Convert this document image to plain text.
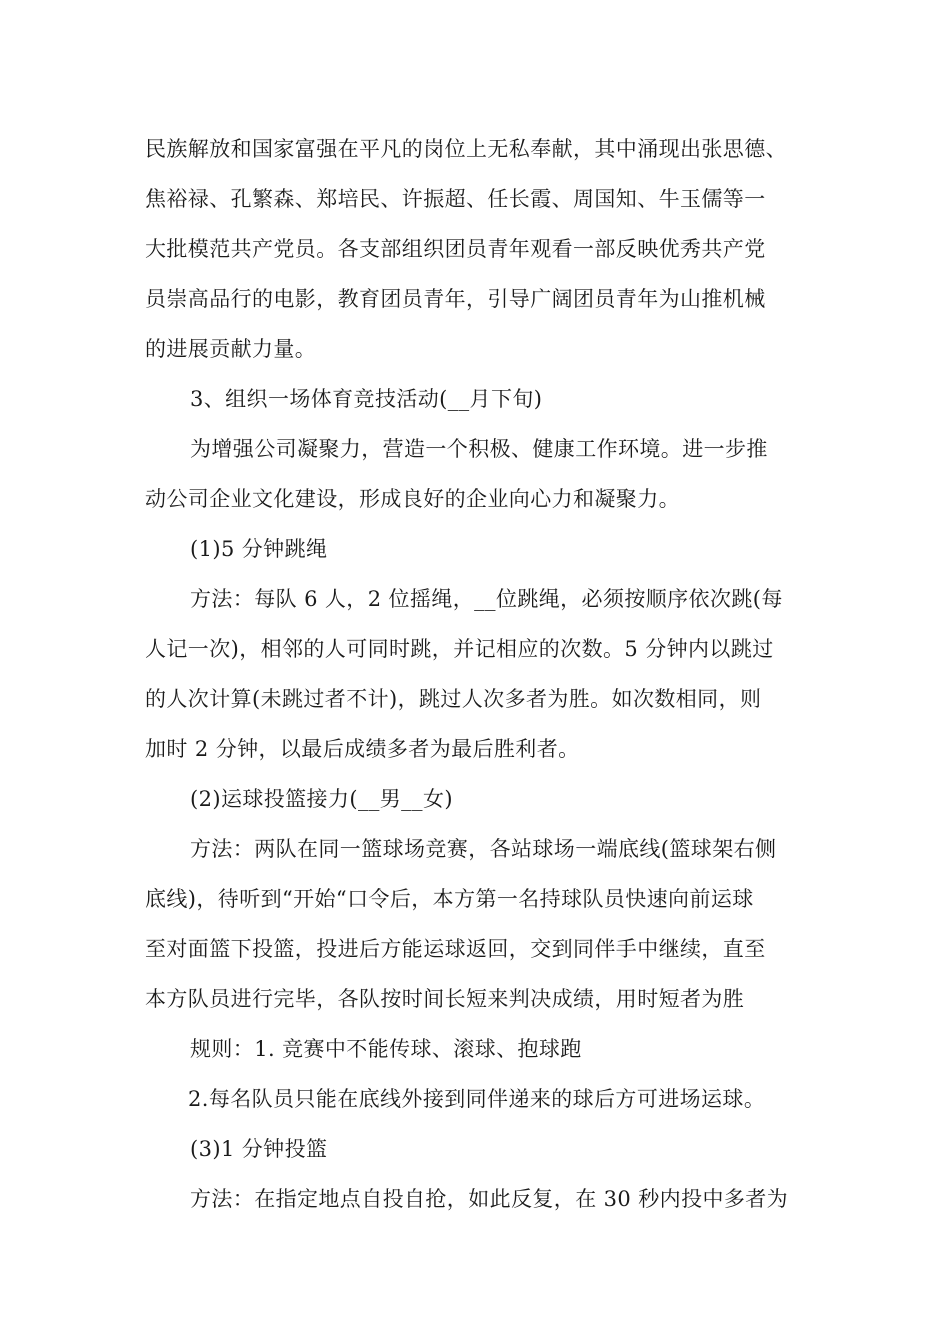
民族解放和国家富强在平凡的岗位上无私奉献，其中涌现出张思德、
焦裕禄、孔繁森、郑培民、许振超、任长霞、周国知、牛玉儒等一
大批模范共产党员。各支部组织团员青年观看一部反映优秀共产党
员崇高品行的电影，教育团员青年，引导广阔团员青年为山推机械
的进展贡献力量。
3、组织一场体育竞技活动(__月下旬)
为增强公司凝聚力，营造一个积极、健康工作环境。进一步推
动公司企业文化建设，形成良好的企业向心力和凝聚力。
(1)5 分钟跳绳
方法：每队 6 人，2 位摇绳，__位跳绳，必须按顺序依次跳(每
人记一次)，相邻的人可同时跳，并记相应的次数。5 分钟内以跳过
的人次计算(未跳过者不计)，跳过人次多者为胜。如次数相同，则
加时 2 分钟，以最后成绩多者为最后胜利者。
(2)运球投篮接力(__男__女)
方法：两队在同一篮球场竞赛，各站球场一端底线(篮球架右侧
底线)，待听到“开始“口令后，本方第一名持球队员快速向前运球
至对面篮下投篮，投进后方能运球返回，交到同伴手中继续，直至
本方队员进行完毕，各队按时间长短来判决成绩，用时短者为胜
规则：1. 竞赛中不能传球、滚球、抱球跑
2.每名队员只能在底线外接到同伴递来的球后方可进场运球。
(3)1 分钟投篮
方法：在指定地点自投自抢，如此反复，在 30 秒内投中多者为
